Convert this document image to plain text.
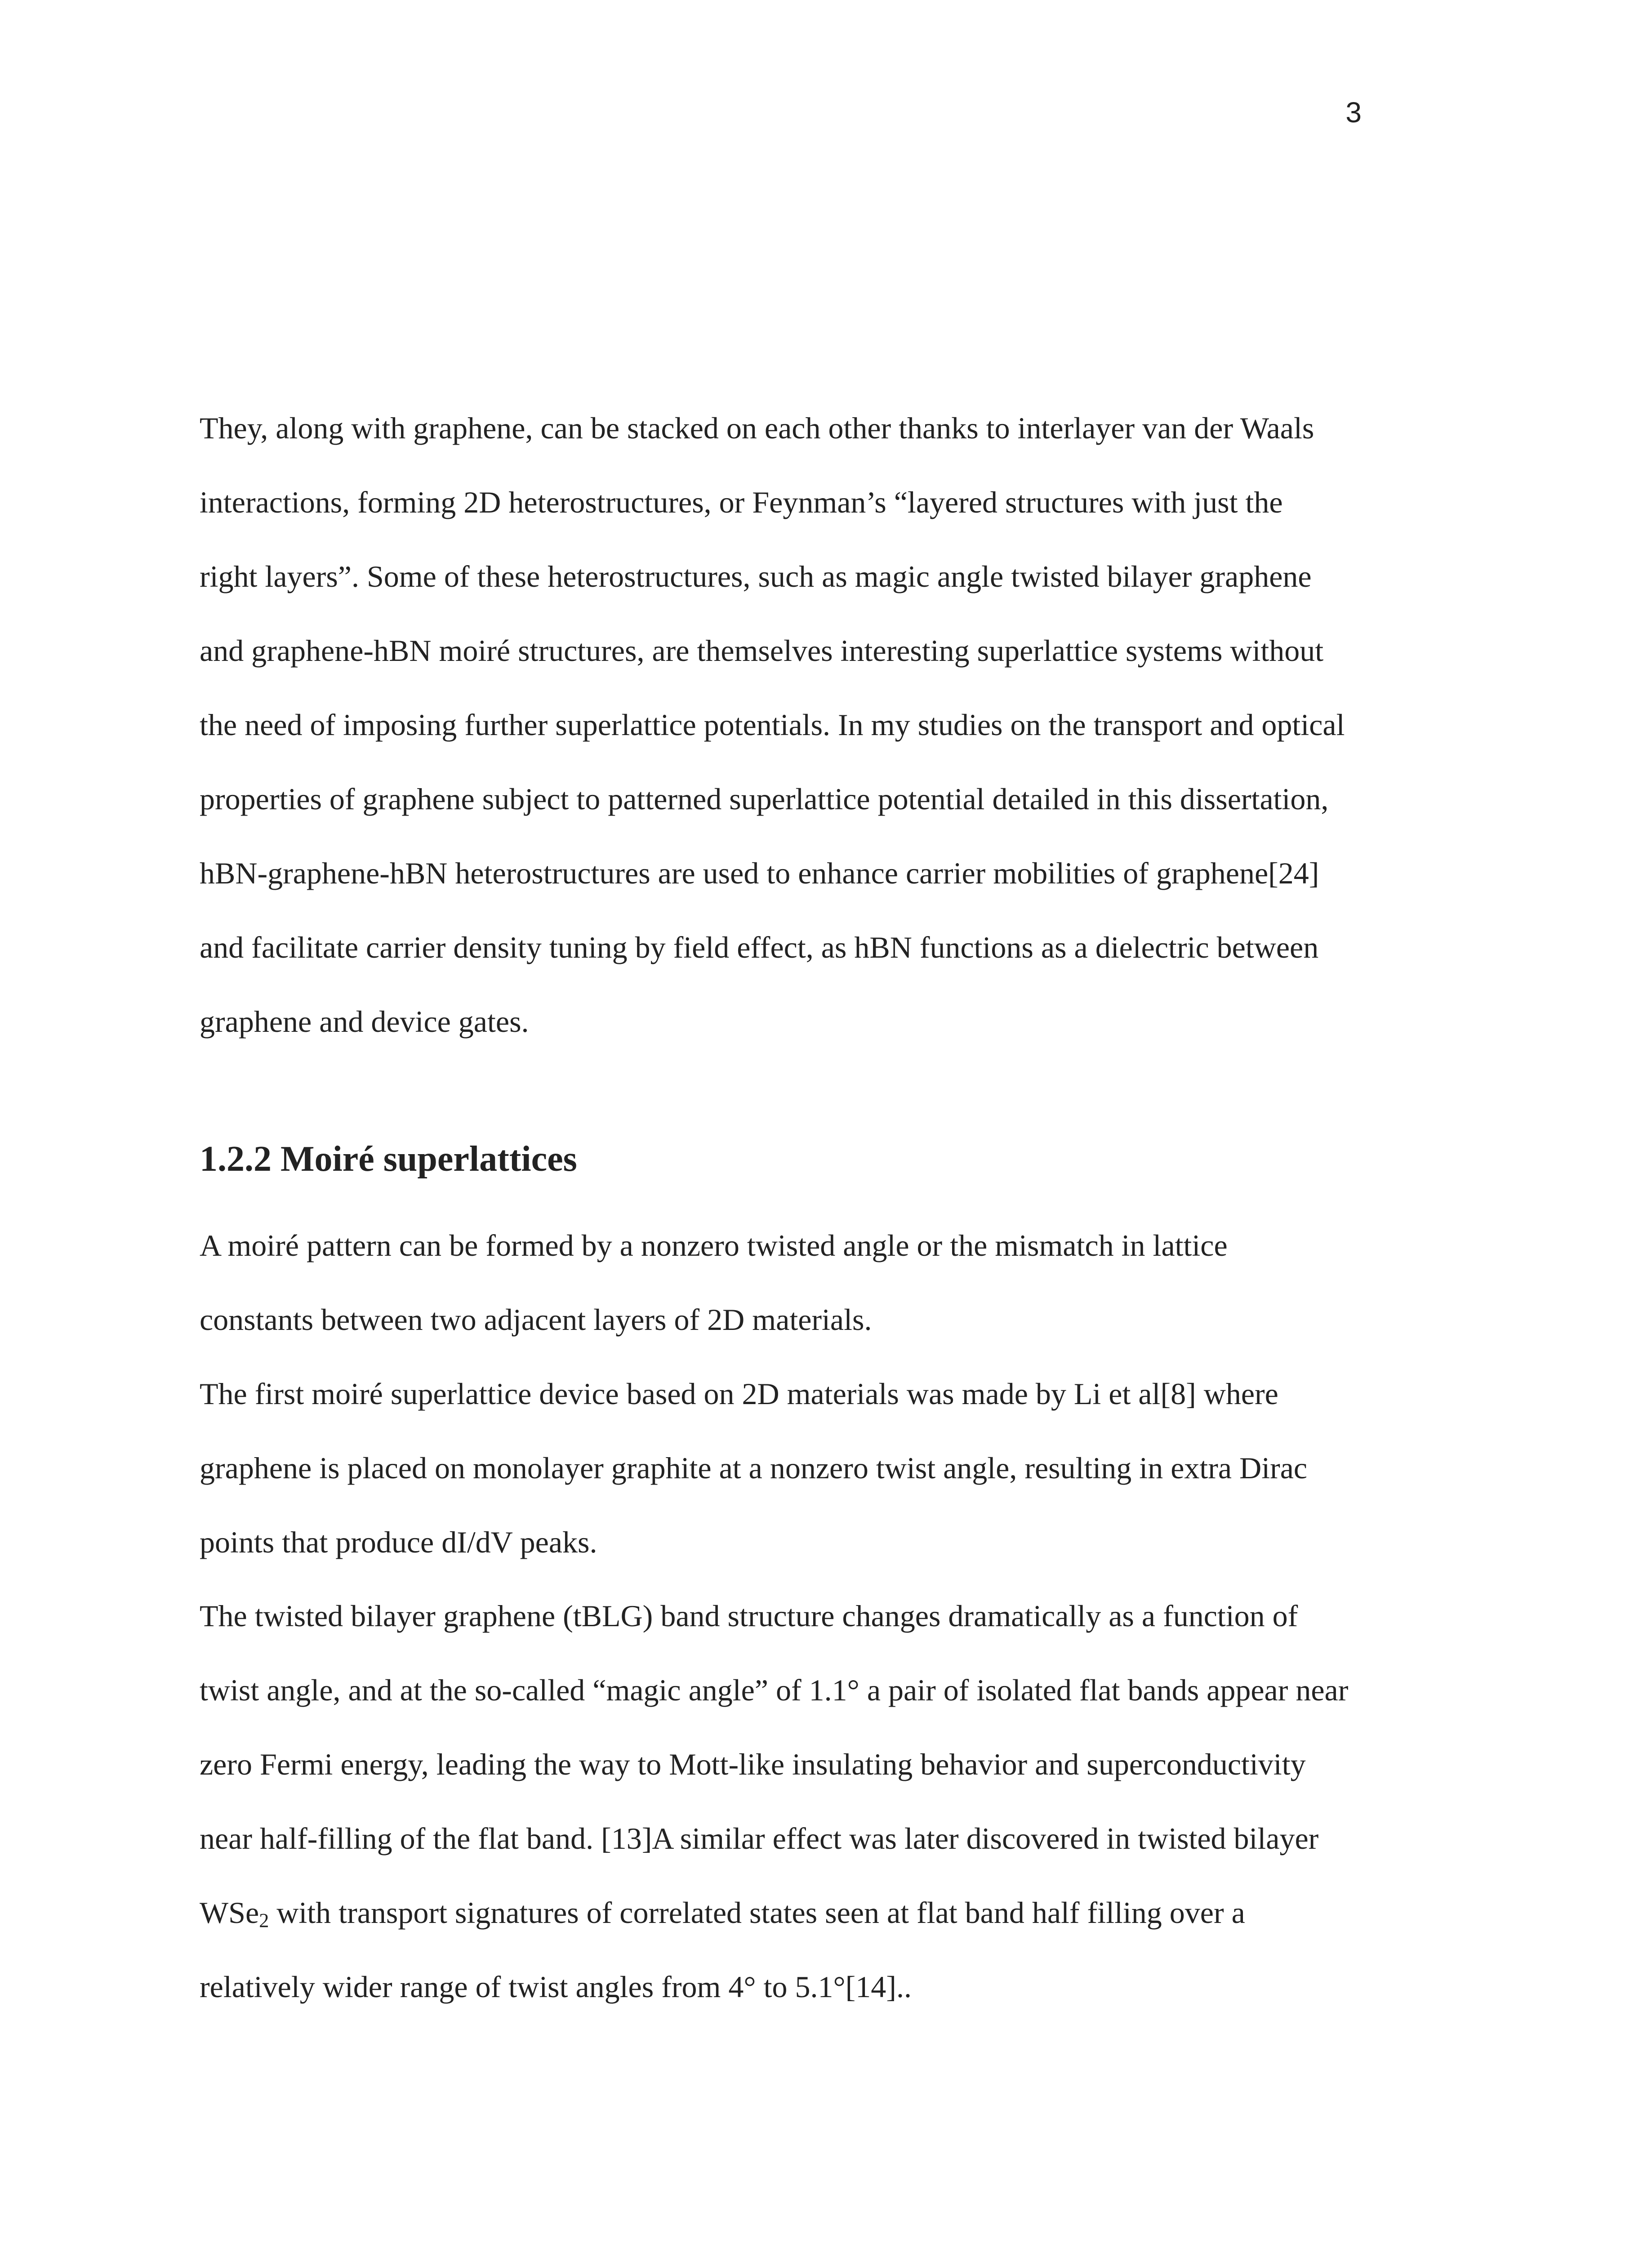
3
They, along with graphene, can be stacked on each other thanks to interlayer van der Waals
interactions, forming 2D heterostructures, or Feynman’s “layered structures with just the
right layers”. Some of these heterostructures, such as magic angle twisted bilayer graphene
and graphene-hBN moiré structures, are themselves interesting superlattice systems without
the need of imposing further superlattice potentials. In my studies on the transport and optical
properties of graphene subject to patterned superlattice potential detailed in this dissertation,
hBN-graphene-hBN heterostructures are used to enhance carrier mobilities of graphene[24]
and facilitate carrier density tuning by field effect, as hBN functions as a dielectric between
graphene and device gates.
1.2.2 Moiré superlattices
A moiré pattern can be formed by a nonzero twisted angle or the mismatch in lattice
constants between two adjacent layers of 2D materials.
The first moiré superlattice device based on 2D materials was made by Li et al[8] where
graphene is placed on monolayer graphite at a nonzero twist angle, resulting in extra Dirac
points that produce dI/dV peaks.
The twisted bilayer graphene (tBLG) band structure changes dramatically as a function of
twist angle, and at the so-called “magic angle” of 1.1° a pair of isolated flat bands appear near
zero Fermi energy, leading the way to Mott-like insulating behavior and superconductivity
near half-filling of the flat band. [13]A similar effect was later discovered in twisted bilayer
WSe$_2$ with transport signatures of correlated states seen at flat band half filling over a
relatively wider range of twist angles from 4° to 5.1°[14]..
